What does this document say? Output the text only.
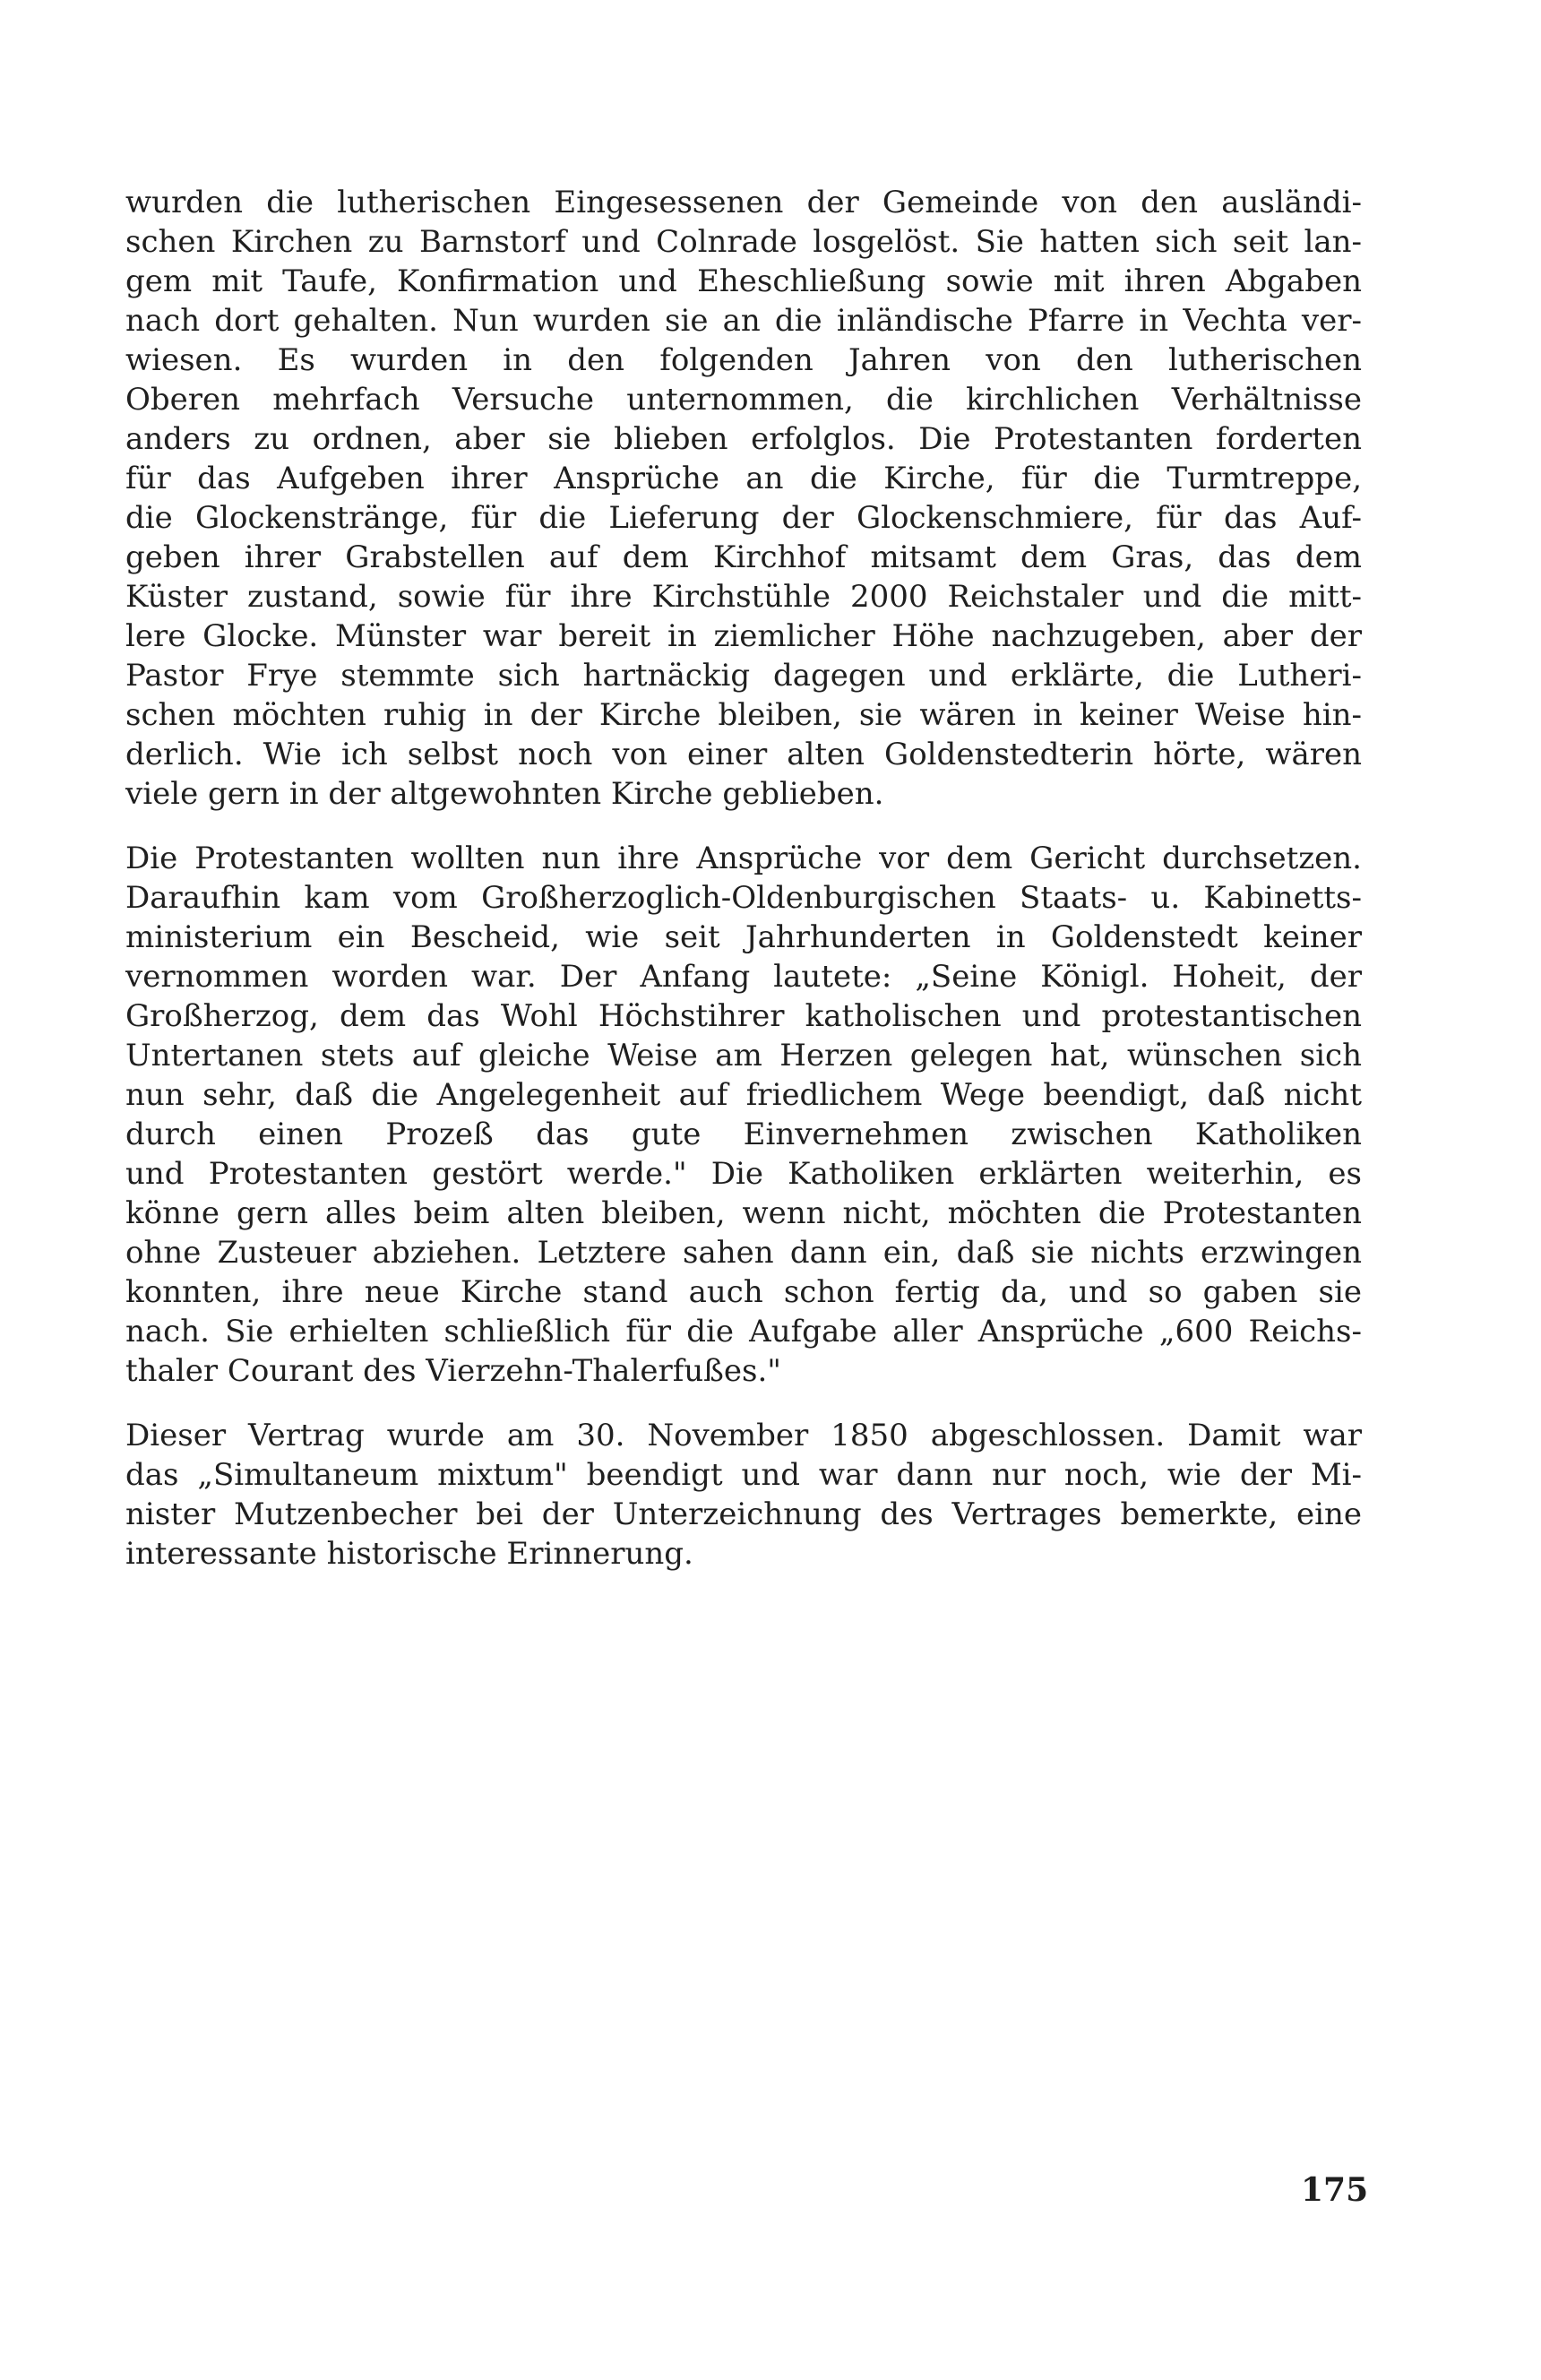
wurden die lutherischen Eingesessenen der Gemeinde von den ausländi-
schen Kirchen zu Barnstorf und Colnrade losgelöst. Sie hatten sich seit lan-
gem mit Taufe, Konfirmation und Eheschließung sowie mit ihren Abgaben
nach dort gehalten. Nun wurden sie an die inländische Pfarre in Vechta ver-
wiesen. Es wurden in den folgenden Jahren von den lutherischen
Oberen mehrfach Versuche unternommen, die kirchlichen Verhältnisse
anders zu ordnen, aber sie blieben erfolglos. Die Protestanten forderten
für das Aufgeben ihrer Ansprüche an die Kirche, für die Turmtreppe,
die Glockenstränge, für die Lieferung der Glockenschmiere, für das Auf-
geben ihrer Grabstellen auf dem Kirchhof mitsamt dem Gras, das dem
Küster zustand, sowie für ihre Kirchstühle 2000 Reichstaler und die mitt-
lere Glocke. Münster war bereit in ziemlicher Höhe nachzugeben, aber der
Pastor Frye stemmte sich hartnäckig dagegen und erklärte, die Lutheri-
schen möchten ruhig in der Kirche bleiben, sie wären in keiner Weise hin-
derlich. Wie ich selbst noch von einer alten Goldenstedterin hörte, wären
viele gern in der altgewohnten Kirche geblieben.
Die Protestanten wollten nun ihre Ansprüche vor dem Gericht durchsetzen.
Daraufhin kam vom Großherzoglich-Oldenburgischen Staats- u. Kabinetts-
ministerium ein Bescheid, wie seit Jahrhunderten in Goldenstedt keiner
vernommen worden war. Der Anfang lautete: „Seine Königl. Hoheit, der
Großherzog, dem das Wohl Höchstihrer katholischen und protestantischen
Untertanen stets auf gleiche Weise am Herzen gelegen hat, wünschen sich
nun sehr, daß die Angelegenheit auf friedlichem Wege beendigt, daß nicht
durch einen Prozeß das gute Einvernehmen zwischen Katholiken
und Protestanten gestört werde." Die Katholiken erklärten weiterhin, es
könne gern alles beim alten bleiben, wenn nicht, möchten die Protestanten
ohne Zusteuer abziehen. Letztere sahen dann ein, daß sie nichts erzwingen
konnten, ihre neue Kirche stand auch schon fertig da, und so gaben sie
nach. Sie erhielten schließlich für die Aufgabe aller Ansprüche „600 Reichs-
thaler Courant des Vierzehn-Thalerfußes."
Dieser Vertrag wurde am 30. November 1850 abgeschlossen. Damit war
das „Simultaneum mixtum" beendigt und war dann nur noch, wie der Mi-
nister Mutzenbecher bei der Unterzeichnung des Vertrages bemerkte, eine
interessante historische Erinnerung.
175
